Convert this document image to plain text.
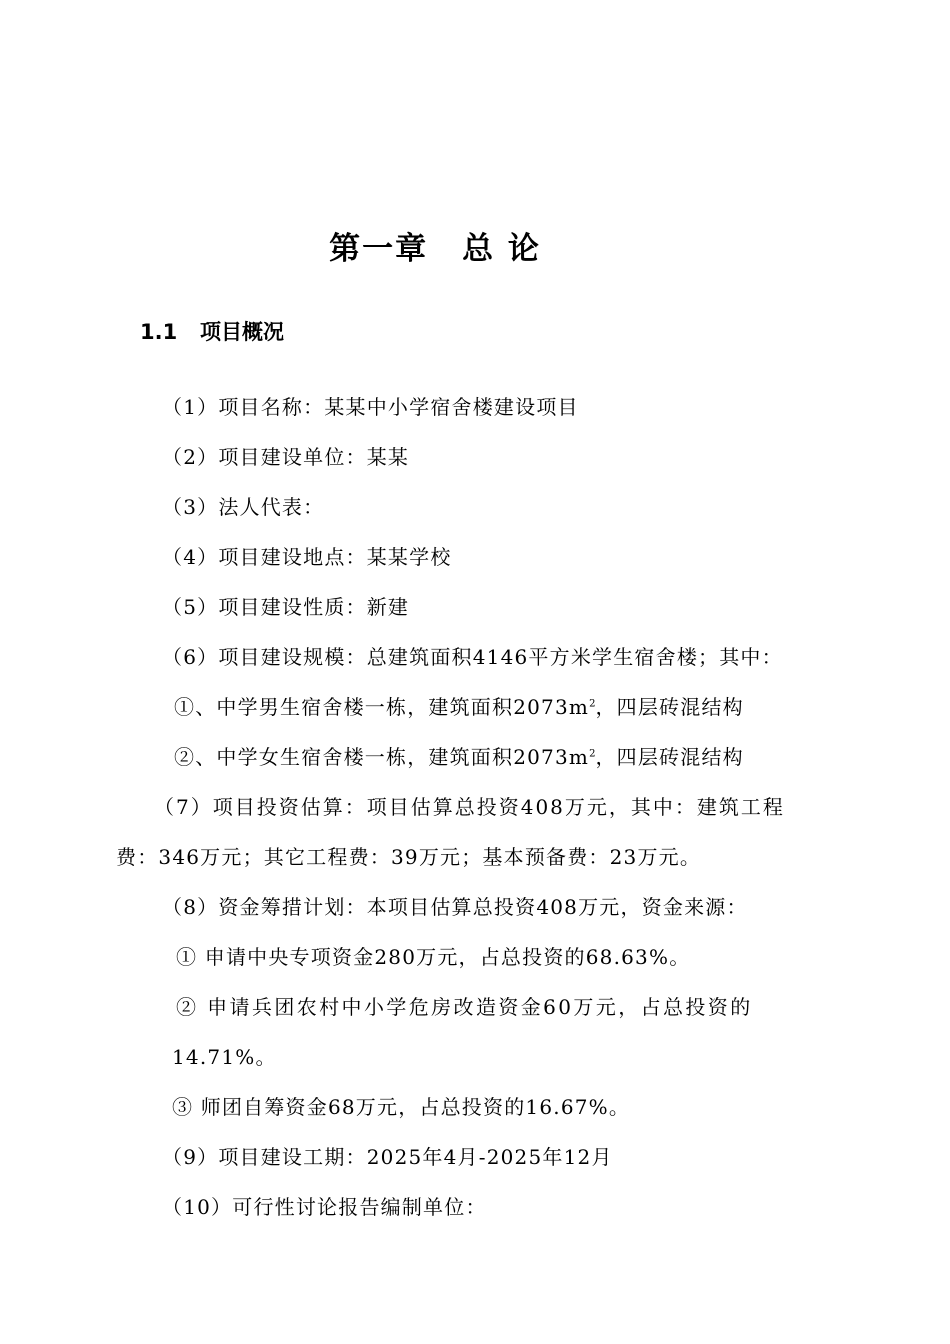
第一章 总 论
1.1 项目概况
（1）项目名称：某某中小学宿舍楼建设项目
（2）项目建设单位：某某
（3）法人代表：
（4）项目建设地点：某某学校
（5）项目建设性质：新建
（6）项目建设规模：总建筑面积4146平方米学生宿舍楼；其中：
①、中学男生宿舍楼一栋，建筑面积$2073m^2$，四层砖混结构
②、中学女生宿舍楼一栋，建筑面积$2073m^2$，四层砖混结构
（7）项目投资估算：项目估算总投资408万元，其中：建筑工程
费：346万元；其它工程费：39万元；基本预备费：23万元。
（8）资金筹措计划：本项目估算总投资408万元，资金来源：
① 申请中央专项资金280万元，占总投资的68.63%。
② 申请兵团农村中小学危房改造资金60万元，占总投资的
14.71%。
③ 师团自筹资金68万元，占总投资的16.67%。
（9）项目建设工期：2025年4月-2025年12月
（10）可行性讨论报告编制单位：
